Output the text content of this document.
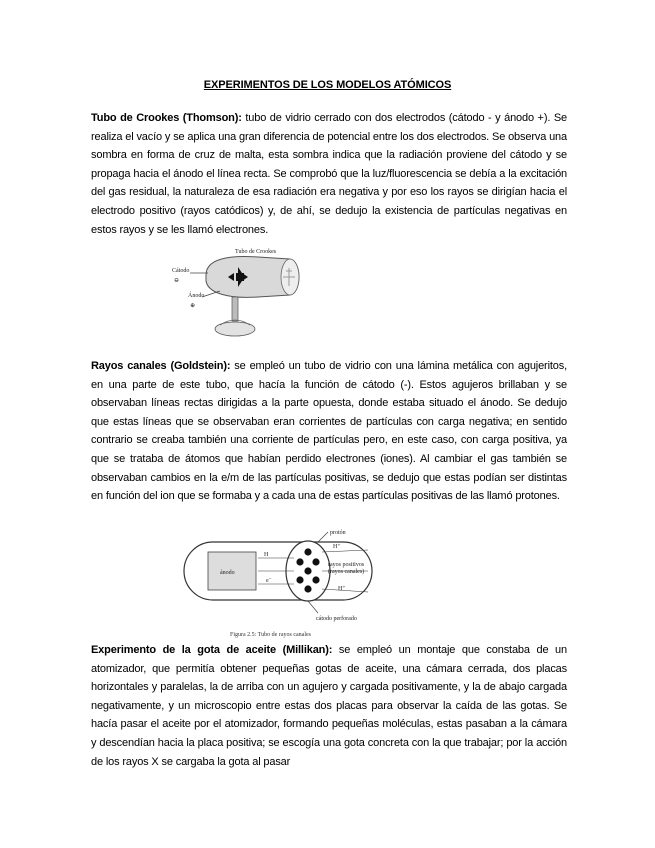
EXPERIMENTOS DE LOS MODELOS ATÓMICOS

Tubo de Crookes (Thomson): tubo de vidrio cerrado con dos electrodos (cátodo - y ánodo +). Se realiza el vacío y se aplica una gran diferencia de potencial entre los dos electrodos. Se observa una sombra en forma de cruz de malta, esta sombra indica que la radiación proviene del cátodo y se propaga hacia el ánodo el línea recta. Se comprobó que la luz/fluorescencia se debía a la excitación del gas residual, la naturaleza de esa radiación era negativa y por eso los rayos se dirigían hacia el electrodo positivo (rayos catódicos) y, de ahí, se dedujo la existencia de partículas negativas en estos rayos y se les llamó electrones.

Tubo de Crookes
Cátodo
⊖
Ánodo
⊕

Rayos canales (Goldstein): se empleó un tubo de vidrio con una lámina metálica con agujeritos, en una parte de este tubo, que hacía la función de cátodo (-). Estos agujeros brillaban y se observaban líneas rectas dirigidas a la parte opuesta, donde estaba situado el ánodo. Se dedujo que estas líneas que se observaban eran corrientes de partículas con carga negativa; en sentido contrario se creaba también una corriente de partículas pero, en este caso, con carga positiva, ya que se trataba de átomos que habían perdido electrones (iones). Al cambiar el gas también se observaban cambios en la e/m de las partículas positivas, se dedujo que estas podían ser distintas en función del ion que se formaba y a cada una de estas partículas positivas de las llamó protones.

ánodo
protón
H⁺
rayos positivos
(rayos canales)
H⁺
H
e⁻
cátodo perforado
Figura 2.5: Tubo de rayos canales

Experimento de la gota de aceite (Millikan): se empleó un montaje que constaba de un atomizador, que permitía obtener pequeñas gotas de aceite, una cámara cerrada, dos placas horizontales y paralelas, la de arriba con un agujero y cargada positivamente, y la de abajo cargada negativamente, y un microscopio entre estas dos placas para observar la caída de las gotas. Se hacía pasar el aceite por el atomizador, formando pequeñas moléculas, estas pasaban a la cámara y descendían hacia la placa positiva; se escogía una gota concreta con la que trabajar; por la acción de los rayos X se cargaba la gota al pasar
